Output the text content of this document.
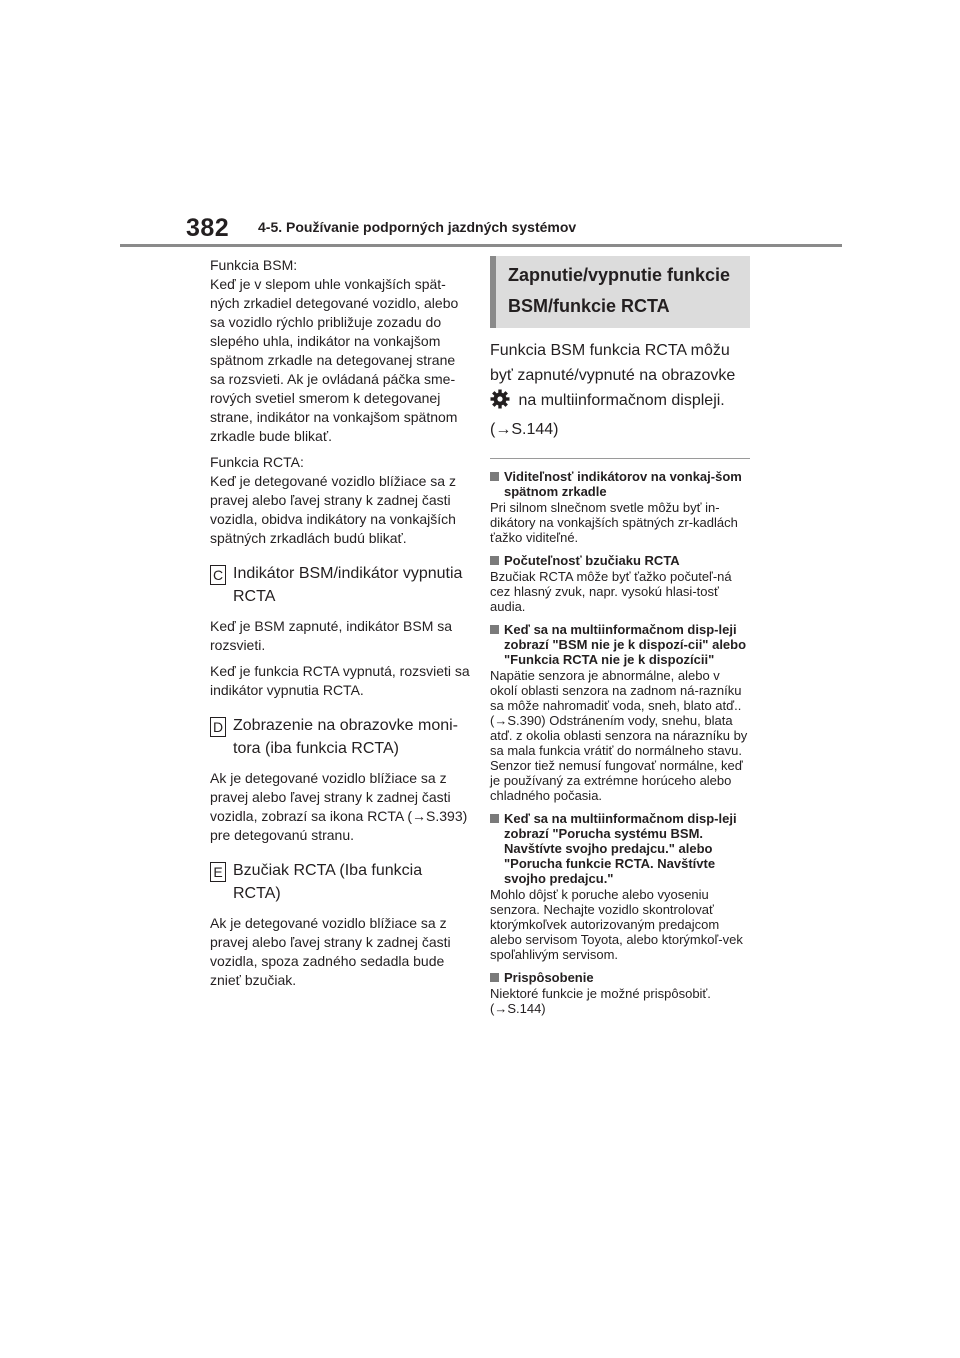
382 4-5. Používanie podporných jazdných systémov

Funkcia BSM:
Keď je v slepom uhle vonkajších spät-ných zrkadiel detegované vozidlo, alebo sa vozidlo rýchlo približuje zozadu do slepého uhla, indikátor na vonkajšom spätnom zrkadle na detegovanej strane sa rozsvieti. Ak je ovládaná páčka sme-rových svetiel smerom k detegovanej strane, indikátor na vonkajšom spätnom zrkadle bude blikať.

Funkcia RCTA:
Keď je detegované vozidlo blížiace sa z pravej alebo ľavej strany k zadnej časti vozidla, obidva indikátory na vonkajších spätných zrkadlách budú blikať.

C Indikátor BSM/indikátor vypnutia RCTA

Keď je BSM zapnuté, indikátor BSM sa rozsvieti.

Keď je funkcia RCTA vypnutá, rozsvieti sa indikátor vypnutia RCTA.

D Zobrazenie na obrazovke moni-tora (iba funkcia RCTA)

Ak je detegované vozidlo blížiace sa z pravej alebo ľavej strany k zadnej časti vozidla, zobrazí sa ikona RCTA (→S.393) pre detegovanú stranu.

E Bzučiak RCTA (Iba funkcia RCTA)

Ak je detegované vozidlo blížiace sa z pravej alebo ľavej strany k zadnej časti vozidla, spoza zadného sedadla bude znieť bzučiak.

Zapnutie/vypnutie funkcie BSM/funkcie RCTA

Funkcia BSM funkcia RCTA môžu byť zapnuté/vypnuté na obrazovke  na multiinformačnom displeji. (→S.144)

Viditeľnosť indikátorov na vonkaj-šom spätnom zrkadle

Pri silnom slnečnom svetle môžu byť in-dikátory na vonkajších spätných zr-kadlách ťažko viditeľné.

Počuteľnosť bzučiaku RCTA

Bzučiak RCTA môže byť ťažko počuteľ-ná cez hlasný zvuk, napr. vysokú hlasi-tosť audia.

Keď sa na multiinformačnom disp-leji zobrazí "BSM nie je k dispozí-cii" alebo "Funkcia RCTA nie je k dispozícii"

Napätie senzora je abnormálne, alebo v okolí oblasti senzora na zadnom ná-razníku sa môže nahromadiť voda, sneh, blato atď.. (→S.390) Odstránením vody, snehu, blata atď. z okolia oblasti senzora na nárazníku by sa mala funkcia vrátiť do normálneho stavu. Senzor tiež nemusí fungovať normálne, keď je používaný za extrémne horúceho alebo chladného počasia.

Keď sa na multiinformačnom disp-leji zobrazí "Porucha systému BSM. Navštívte svojho predajcu." alebo "Porucha funkcie RCTA. Navštívte svojho predajcu."

Mohlo dôjsť k poruche alebo vyoseniu senzora. Nechajte vozidlo skontrolovať ktorýmkoľvek autorizovaným predajcom alebo servisom Toyota, alebo ktorýmkoľ-vek spoľahlivým servisom.

Prispôsobenie

Niektoré funkcie je možné prispôsobiť. (→S.144)
